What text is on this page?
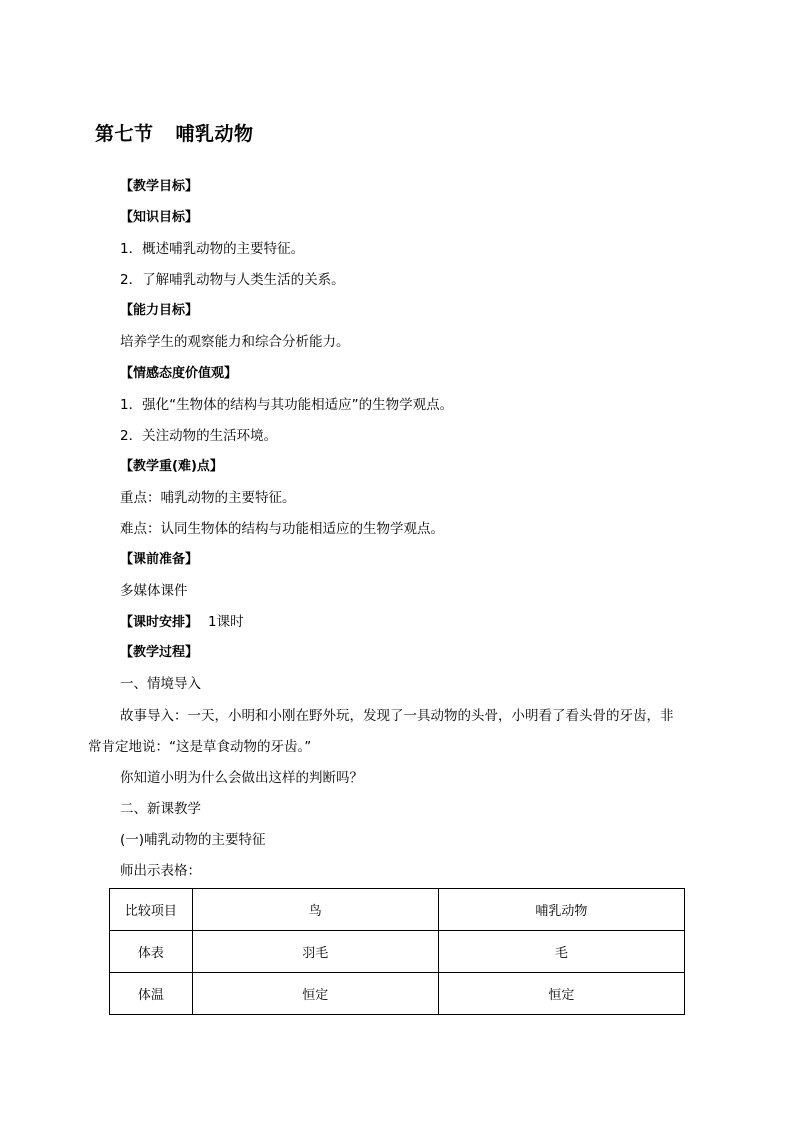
第七节 哺乳动物
【教学目标】
【知识目标】
1．概述哺乳动物的主要特征。
2．了解哺乳动物与人类生活的关系。
【能力目标】
培养学生的观察能力和综合分析能力。
【情感态度价值观】
1．强化“生物体的结构与其功能相适应”的生物学观点。
2．关注动物的生活环境。
【教学重(难)点】
重点：哺乳动物的主要特征。
难点：认同生物体的结构与功能相适应的生物学观点。
【课前准备】
多媒体课件
【课时安排】 1课时
【教学过程】
一、情境导入
故事导入：一天，小明和小刚在野外玩，发现了一具动物的头骨，小明看了看头骨的牙齿，非
常肯定地说：“这是草食动物的牙齿。”
你知道小明为什么会做出这样的判断吗？
二、新课教学
(一)哺乳动物的主要特征
师出示表格：
比较项目	鸟	哺乳动物
体表	羽毛	毛
体温	恒定	恒定
